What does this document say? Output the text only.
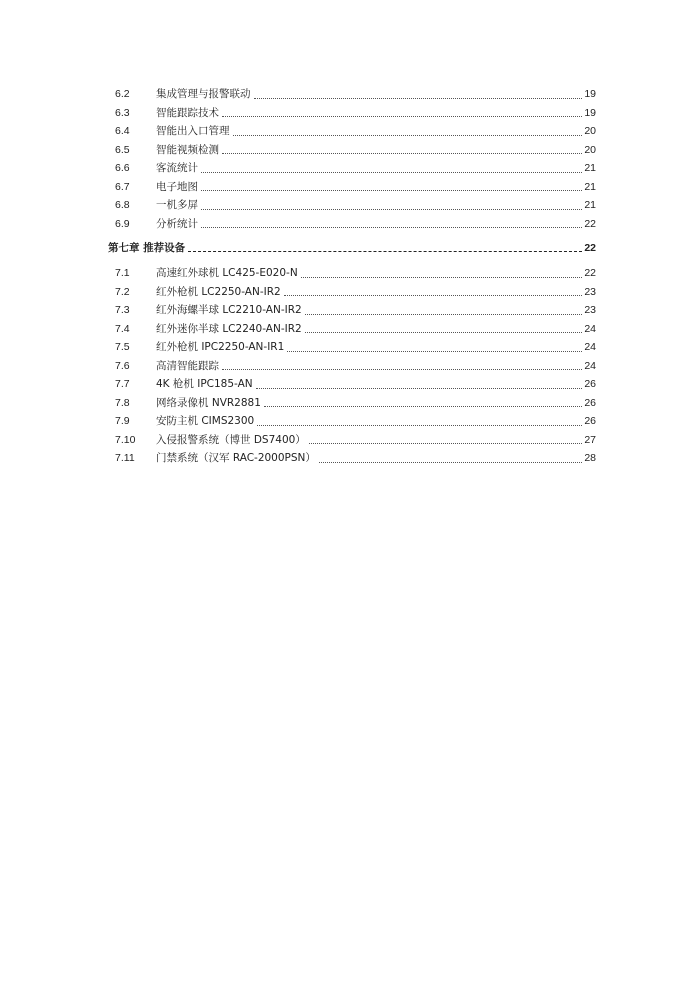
6.2	集成管理与报警联动	19
6.3	智能跟踪技术	19
6.4	智能出入口管理	20
6.5	智能视频检测	20
6.6	客流统计	21
6.7	电子地图	21
6.8	一机多屏	21
6.9	分析统计	22
第七章 推荐设备	22
7.1	高速红外球机 LC425-E020-N	22
7.2	红外枪机 LC2250-AN-IR2	23
7.3	红外海螺半球 LC2210-AN-IR2	23
7.4	红外迷你半球 LC2240-AN-IR2	24
7.5	红外枪机 IPC2250-AN-IR1	24
7.6	高清智能跟踪	24
7.7	4K 枪机 IPC185-AN	26
7.8	网络录像机 NVR2881	26
7.9	安防主机 CIMS2300	26
7.10	入侵报警系统（博世 DS7400）	27
7.11	门禁系统（汉军 RAC-2000PSN）	28
